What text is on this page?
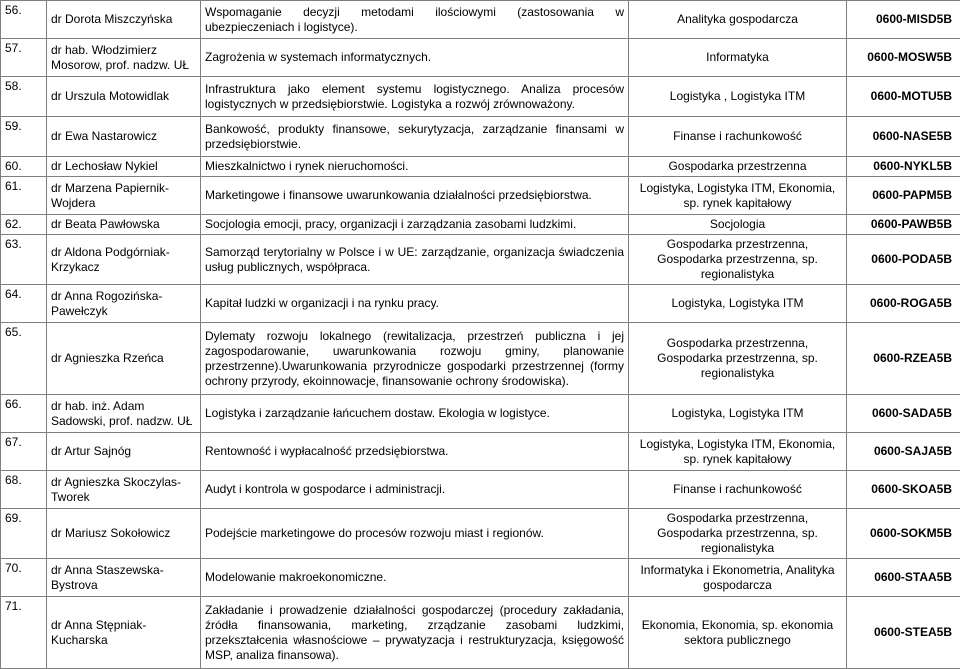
56.	dr Dorota Miszczyńska	Wspomaganie decyzji metodami ilościowymi (zastosowania w ubezpieczeniach i logistyce).	Analityka gospodarcza	0600-MISD5B
57.	dr hab. Włodzimierz Mosorow, prof. nadzw. UŁ	Zagrożenia w systemach informatycznych.	Informatyka	0600-MOSW5B
58.	dr Urszula Motowidlak	Infrastruktura jako element systemu logistycznego. Analiza procesów logistycznych w przedsiębiorstwie. Logistyka a rozwój zrównoważony.	Logistyka , Logistyka ITM	0600-MOTU5B
59.	dr Ewa Nastarowicz	Bankowość, produkty finansowe, sekurytyzacja, zarządzanie finansami w przedsiębiorstwie.	Finanse i rachunkowość	0600-NASE5B
60.	dr Lechosław Nykiel	Mieszkalnictwo i rynek nieruchomości.	Gospodarka przestrzenna	0600-NYKL5B
61.	dr Marzena Papiernik-Wojdera	Marketingowe i finansowe uwarunkowania działalności przedsiębiorstwa.	Logistyka, Logistyka ITM, Ekonomia, sp. rynek kapitałowy	0600-PAPM5B
62.	dr Beata Pawłowska	Socjologia emocji, pracy, organizacji i zarządzania zasobami ludzkimi.	Socjologia	0600-PAWB5B
63.	dr Aldona Podgórniak-Krzykacz	Samorząd terytorialny w Polsce i w UE: zarządzanie, organizacja świadczenia usług publicznych, współpraca.	Gospodarka przestrzenna, Gospodarka przestrzenna, sp. regionalistyka	0600-PODA5B
64.	dr Anna Rogozińska-Pawełczyk	Kapitał ludzki w organizacji i na rynku pracy.	Logistyka, Logistyka ITM	0600-ROGA5B
65.	dr Agnieszka Rzeńca	Dylematy rozwoju lokalnego (rewitalizacja, przestrzeń publiczna i jej zagospodarowanie, uwarunkowania rozwoju gminy, planowanie przestrzenne).Uwarunkowania przyrodnicze gospodarki przestrzennej (formy ochrony przyrody, ekoinnowacje, finansowanie ochrony środowiska).	Gospodarka przestrzenna, Gospodarka przestrzenna, sp. regionalistyka	0600-RZEA5B
66.	dr hab. inż. Adam Sadowski, prof. nadzw. UŁ	Logistyka i zarządzanie łańcuchem dostaw. Ekologia w logistyce.	Logistyka, Logistyka ITM	0600-SADA5B
67.	dr Artur Sajnóg	Rentowność i wypłacalność przedsiębiorstwa.	Logistyka, Logistyka ITM, Ekonomia, sp. rynek kapitałowy	0600-SAJA5B
68.	dr Agnieszka Skoczylas-Tworek	Audyt i kontrola w gospodarce i administracji.	Finanse i rachunkowość	0600-SKOA5B
69.	dr Mariusz Sokołowicz	Podejście marketingowe do procesów rozwoju miast i regionów.	Gospodarka przestrzenna, Gospodarka przestrzenna, sp. regionalistyka	0600-SOKM5B
70.	dr Anna Staszewska-Bystrova	Modelowanie makroekonomiczne.	Informatyka i Ekonometria, Analityka gospodarcza	0600-STAA5B
71.	dr Anna Stępniak-Kucharska	Zakładanie i prowadzenie działalności gospodarczej (procedury zakładania, źródła finansowania, marketing, zrządzanie zasobami ludzkimi, przekształcenia własnościowe – prywatyzacja i restrukturyzacja, księgowość MSP, analiza finansowa).	Ekonomia, Ekonomia, sp. ekonomia sektora publicznego	0600-STEA5B
